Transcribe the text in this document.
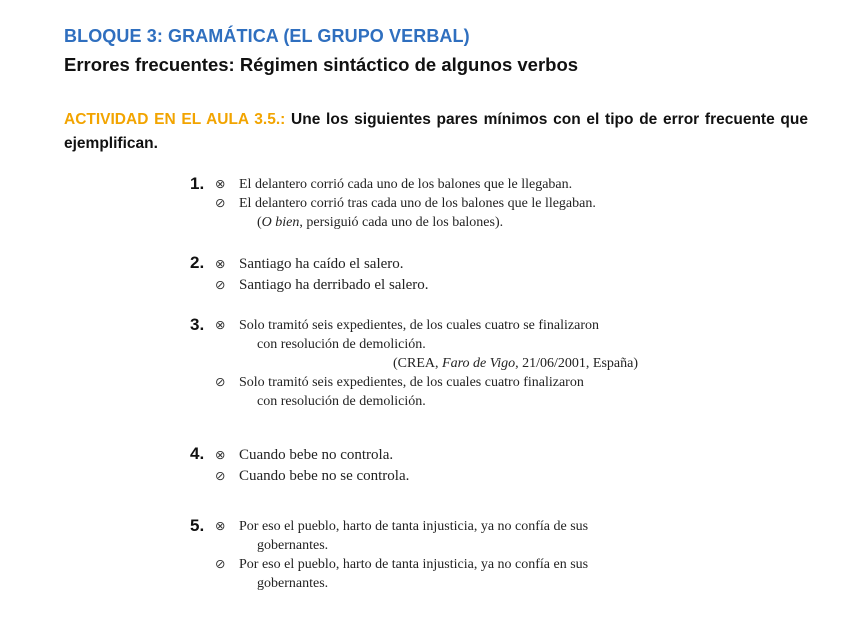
BLOQUE 3: GRAMÁTICA (EL GRUPO VERBAL)
Errores frecuentes: Régimen sintáctico de algunos verbos
ACTIVIDAD EN EL AULA 3.5.: Une los siguientes pares mínimos con el tipo de error frecuente que ejemplifican.
1. ⊗ El delantero corrió cada uno de los balones que le llegaban.
⊘ El delantero corrió tras cada uno de los balones que le llegaban.
(O bien, persiguió cada uno de los balones).
2. ⊗ Santiago ha caído el salero.
⊘ Santiago ha derribado el salero.
3. ⊗ Solo tramitó seis expedientes, de los cuales cuatro se finalizaron
con resolución de demolición.
(CREA, Faro de Vigo, 21/06/2001, España)
⊘ Solo tramitó seis expedientes, de los cuales cuatro finalizaron
con resolución de demolición.
4. ⊗ Cuando bebe no controla.
⊘ Cuando bebe no se controla.
5. ⊗ Por eso el pueblo, harto de tanta injusticia, ya no confía de sus
gobernantes.
⊘ Por eso el pueblo, harto de tanta injusticia, ya no confía en sus
gobernantes.
